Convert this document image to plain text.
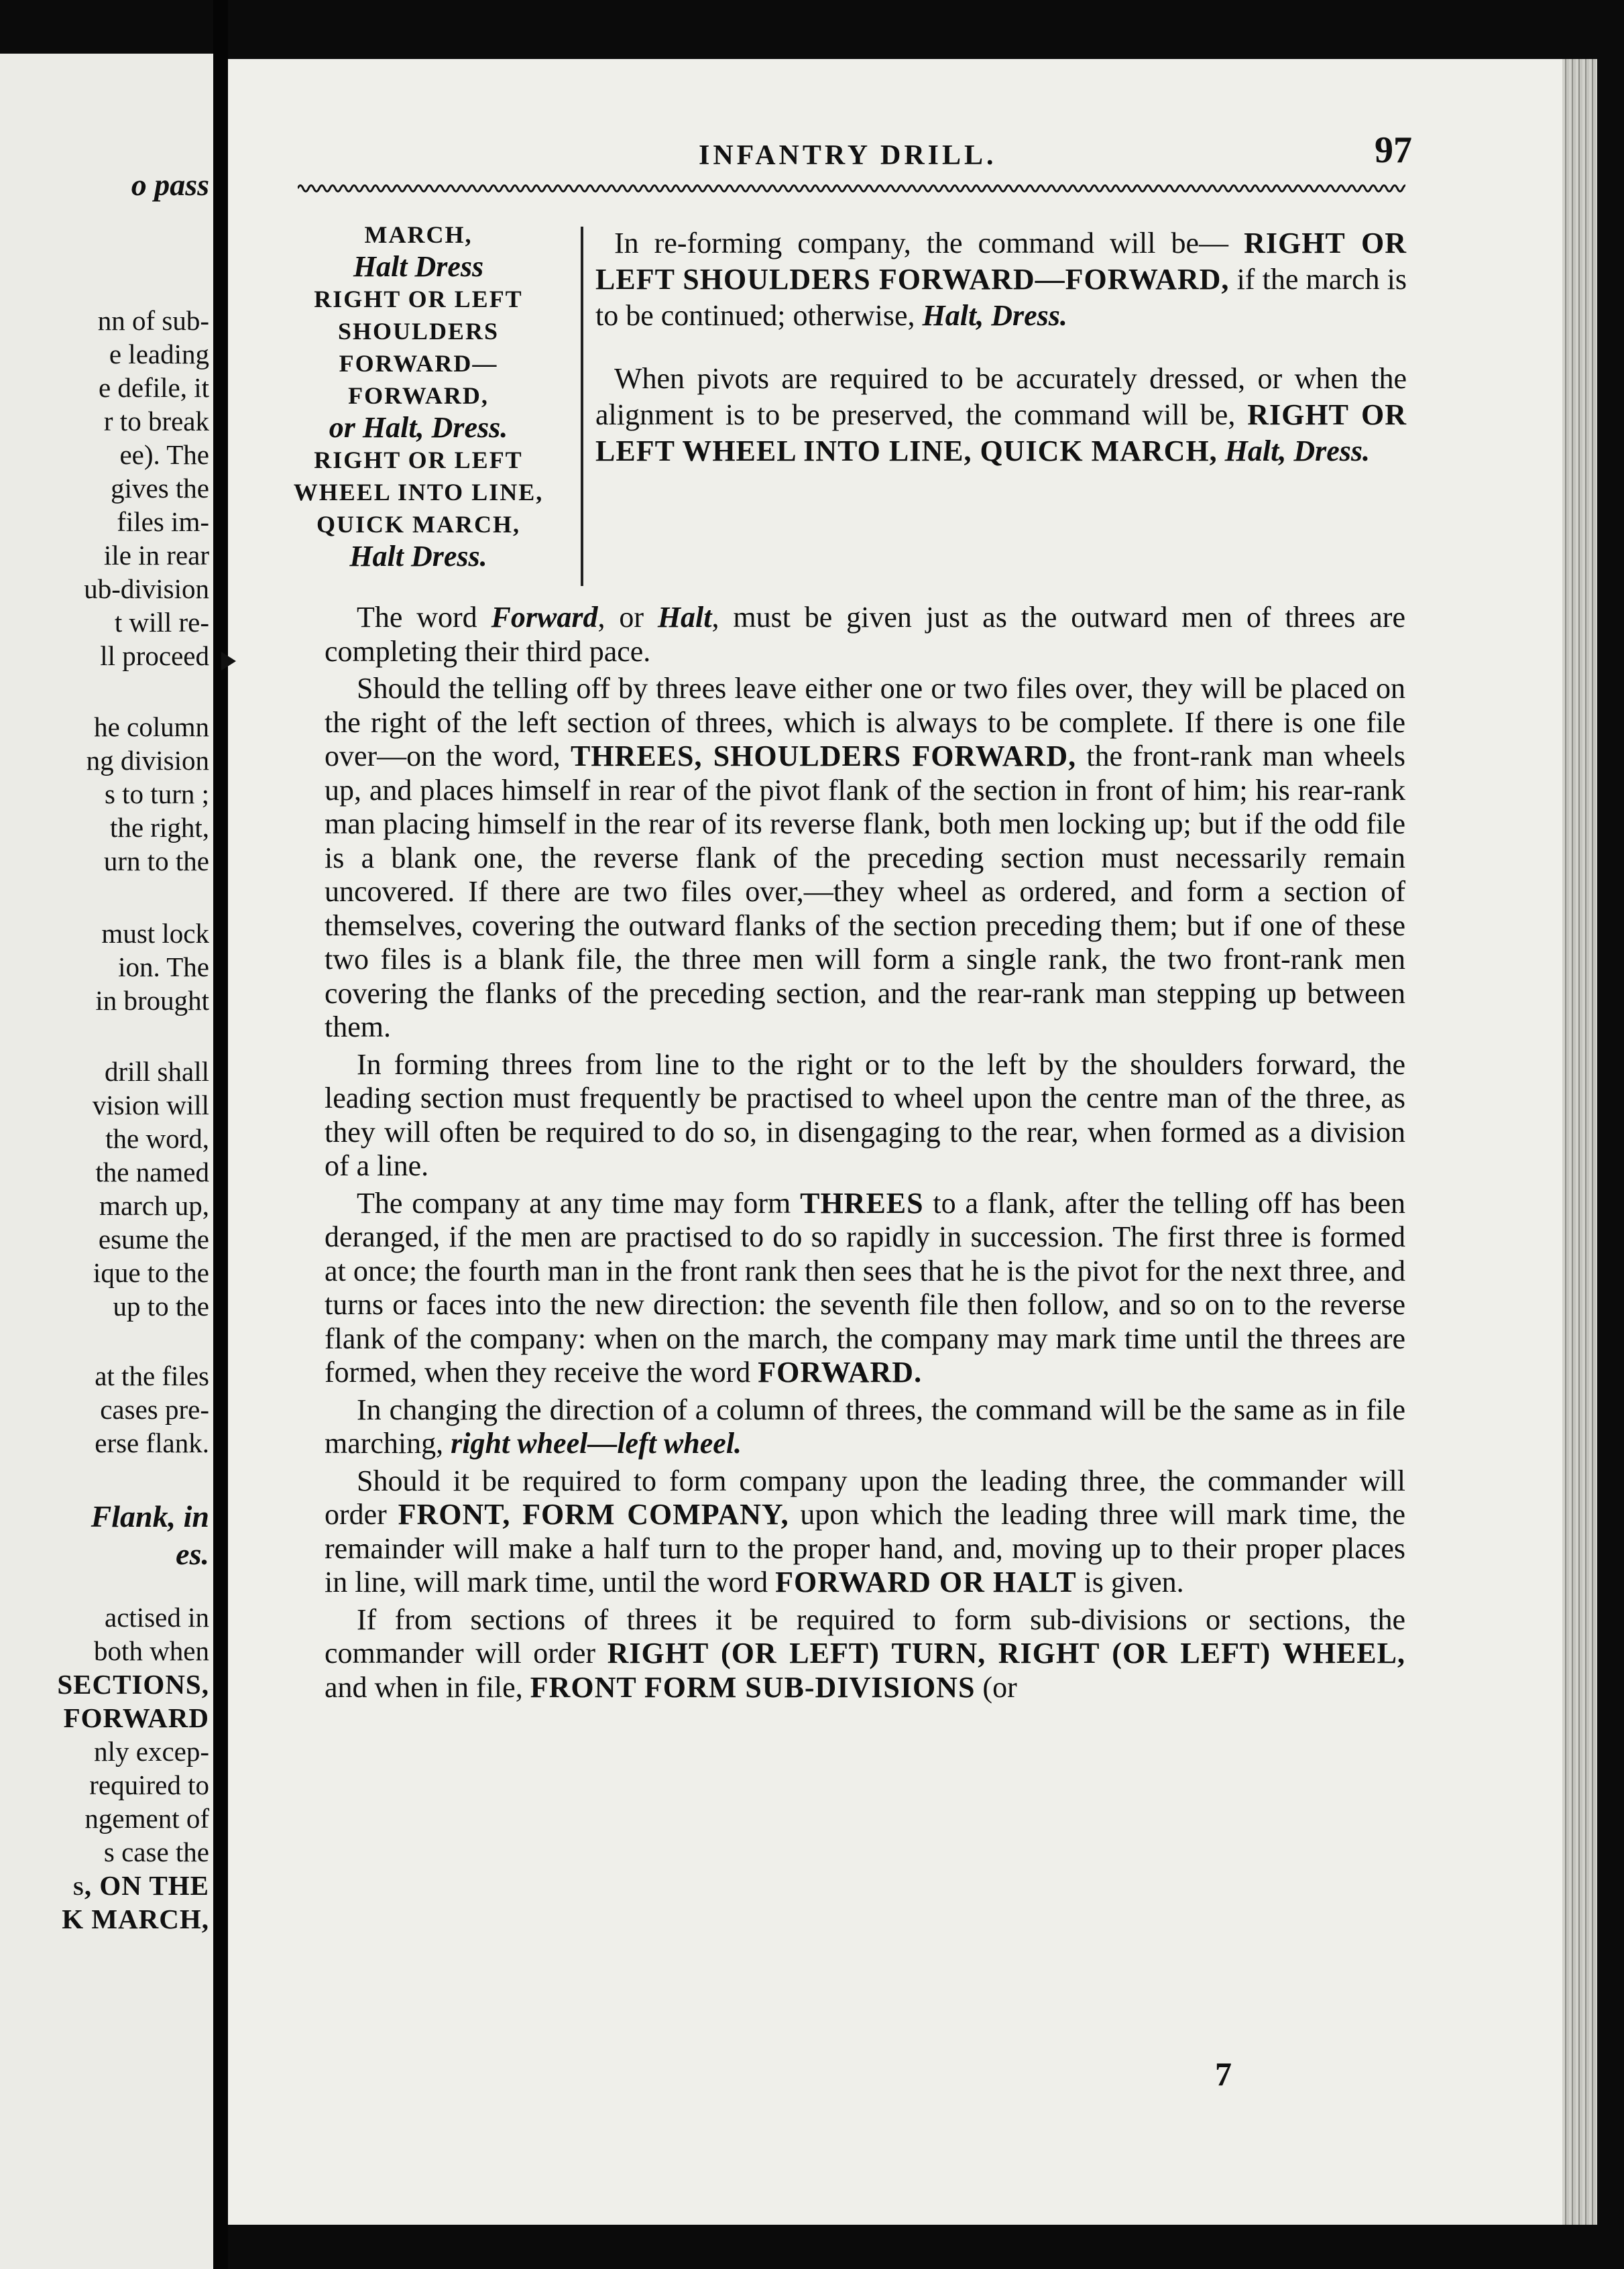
o pass
nn of sub-
e leading
e defile, it
r to break
ee). The
gives the
files im-
ile in rear
ub-division
t will re-
ll proceed
he column
ng division
s to turn ;
the right,
urn to the
must lock
ion. The
in brought
drill shall
vision will
the word,
the named
march up,
esume the
ique to the
up to the
at the files
cases pre-
erse flank.
Flank, in
es.
actised in
both when
SECTIONS,
FORWARD
nly excep-
required to
ngement of
s case the
s, ON THE
K MARCH,
INFANTRY DRILL.	97
MARCH,
Halt Dress
RIGHT OR LEFT
SHOULDERS
FORWARD—
FORWARD,
or Halt, Dress.
RIGHT OR LEFT
WHEEL INTO LINE,
QUICK MARCH,
Halt Dress.

In re-forming company, the command will be— RIGHT OR LEFT SHOULDERS FORWARD—FORWARD, if the march is to be continued; otherwise, Halt, Dress.

When pivots are required to be accurately dressed, or when the alignment is to be preserved, the command will be, RIGHT OR LEFT WHEEL INTO LINE, QUICK MARCH, Halt, Dress.

The word Forward, or Halt, must be given just as the outward men of threes are completing their third pace.

Should the telling off by threes leave either one or two files over, they will be placed on the right of the left section of threes, which is always to be complete. If there is one file over—on the word, THREES, SHOULDERS FORWARD, the front-rank man wheels up, and places himself in rear of the pivot flank of the section in front of him; his rear-rank man placing himself in the rear of its reverse flank, both men locking up; but if the odd file is a blank one, the reverse flank of the preceding section must necessarily remain uncovered. If there are two files over,—they wheel as ordered, and form a section of themselves, covering the outward flanks of the section preceding them; but if one of these two files is a blank file, the three men will form a single rank, the two front-rank men covering the flanks of the preceding section, and the rear-rank man stepping up between them.

In forming threes from line to the right or to the left by the shoulders forward, the leading section must frequently be practised to wheel upon the centre man of the three, as they will often be required to do so, in disengaging to the rear, when formed as a division of a line.

The company at any time may form THREES to a flank, after the telling off has been deranged, if the men are practised to do so rapidly in succession. The first three is formed at once; the fourth man in the front rank then sees that he is the pivot for the next three, and turns or faces into the new direction: the seventh file then follow, and so on to the reverse flank of the company: when on the march, the company may mark time until the threes are formed, when they receive the word FORWARD.

In changing the direction of a column of threes, the command will be the same as in file marching, right wheel—left wheel.

Should it be required to form company upon the leading three, the commander will order FRONT, FORM COMPANY, upon which the leading three will mark time, the remainder will make a half turn to the proper hand, and, moving up to their proper places in line, will mark time, until the word FORWARD OR HALT is given.

If from sections of threes it be required to form sub-divisions or sections, the commander will order RIGHT (OR LEFT) TURN, RIGHT (OR LEFT) WHEEL, and when in file, FRONT FORM SUB-DIVISIONS (or

7
